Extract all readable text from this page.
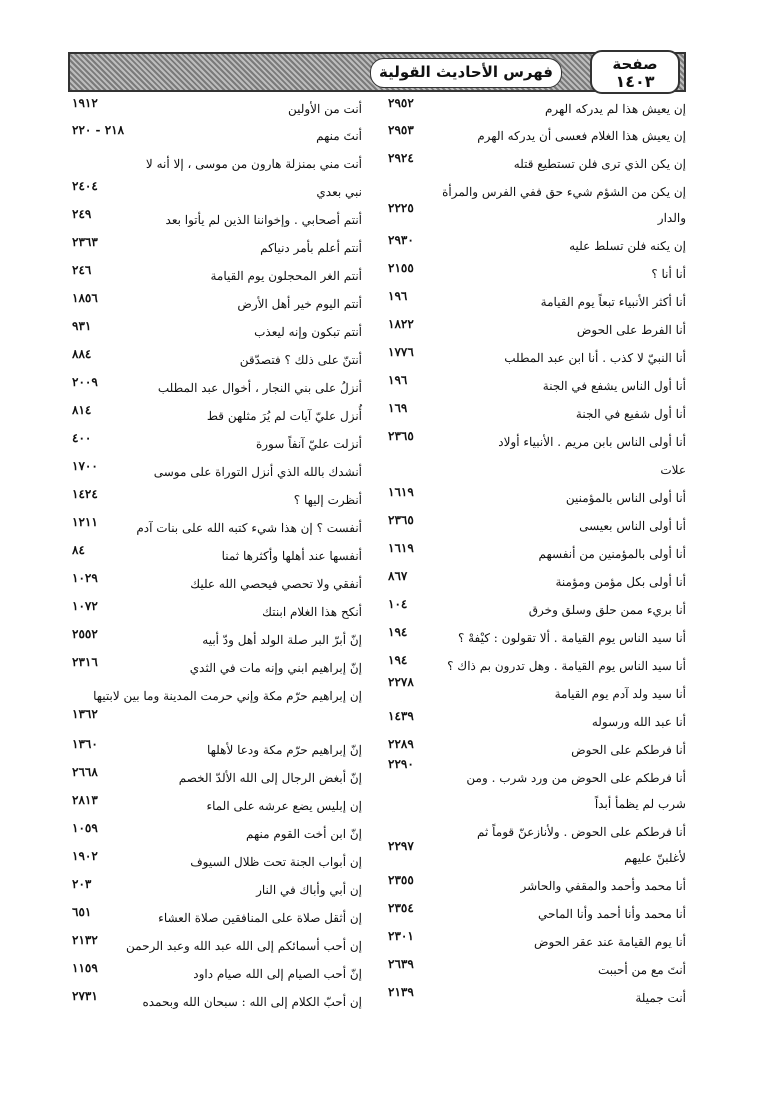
فهرس الأحاديث القولية	صفحة
١٤٠٣
إن يعيش هذا لم يدركه الهرم
٢٩٥٢
إن يعيش هذا الغلام فعسى أن يدركه الهرم
٢٩٥٣
إن يكن الذي ترى فلن تستطيع قتله
٢٩٢٤
إن يكن من الشؤم شيء حق ففي الفرس والمرأة
والدار
٢٢٢٥
إن يكنه فلن تسلط عليه
٢٩٣٠
أنا أنا ؟
٢١٥٥
أنا أكثر الأنبياء تبعاً يوم القيامة
١٩٦
أنا الفرط على الحوض
١٨٢٢
أنا النبيّ لا كذب . أنا ابن عبد المطلب
١٧٧٦
أنا أول الناس يشفع في الجنة
١٩٦
أنا أول شفيع في الجنة
١٦٩
أنا أولى الناس بابن مريم . الأنبياء أولاد
٢٣٦٥
علات
أنا أولى الناس بالمؤمنين
١٦١٩
أنا أولى الناس بعيسى
٢٣٦٥
أنا أولى بالمؤمنين من أنفسهم
١٦١٩
أنا أولى بكل مؤمن ومؤمنة
٨٦٧
أنا بريء ممن حلق وسلق وخرق
١٠٤
أنا سيد الناس يوم القيامة . ألا تقولون : كيْفهْ ؟
١٩٤
أنا سيد الناس يوم القيامة . وهل تدرون بم ذاك ؟
١٩٤
أنا سيد ولد آدم يوم القيامة
٢٢٧٨
أنا عبد الله ورسوله
١٤٣٩
أنا فرطكم على الحوض
٢٢٨٩
أنا فرطكم على الحوض من ورد شرب . ومن
٢٢٩٠
شرب لم يظمأ أبداً
أنا فرطكم على الحوض . ولأنازعنّ قوماً ثم
لأغلبنّ عليهم
٢٢٩٧
أنا محمد وأحمد والمقفي والحاشر
٢٣٥٥
أنا محمد وأنا أحمد وأنا الماحي
٢٣٥٤
أنا يوم القيامة عند عقر الحوض
٢٣٠١
أنتَ مع من أحببت
٢٦٣٩
أنت جميلة
٢١٣٩
أنت من الأولين
١٩١٢
أنتَ منهم
٢١٨ - ٢٢٠
أنت مني بمنزلة هارون من موسى ، إلا أنه لا
نبي بعدي
٢٤٠٤
أنتم أصحابي . وإخواننا الذين لم يأتوا بعد
٢٤٩
أنتم أعلم بأمر دنياكم
٢٣٦٣
أنتم الغر المحجلون يوم القيامة
٢٤٦
أنتم اليوم خير أهل الأرض
١٨٥٦
أنتم تبكون وإنه ليعذب
٩٣١
أنتنّ على ذلك ؟ فتصدّقن
٨٨٤
أنزلُ على بني النجار ، أخوال عبد المطلب
٢٠٠٩
أُنزل عليّ آيات لم يُرَ مثلهن قط
٨١٤
أنزلت عليّ آنفاً سورة
٤٠٠
أنشدك بالله الذي أنزل التوراة على موسى
١٧٠٠
أنظرت إليها ؟
١٤٢٤
أنفست ؟ إن هذا شيء كتبه الله على بنات آدم
١٢١١
أنفسها عند أهلها وأكثرها ثمنا
٨٤
أنفقي ولا تحصي فيحصي الله عليك
١٠٢٩
أنكح هذا الغلام ابنتك
١٠٧٢
إنّ أبرّ البر صلة الولد أهل ودّ أبيه
٢٥٥٢
إنّ إبراهيم ابني وإنه مات في الثدي
٢٣١٦
إن إبراهيم حرّم مكة وإني حرمت المدينة وما بين لابتيها
١٣٦٢
إنّ إبراهيم حرّم مكة ودعا لأهلها
١٣٦٠
إنّ أبغض الرجال إلى الله الألدّ الخصم
٢٦٦٨
إن إبليس يضع عرشه على الماء
٢٨١٣
إنّ ابن أخت القوم منهم
١٠٥٩
إن أبواب الجنة تحت ظلال السيوف
١٩٠٢
إن أبي وأباك في النار
٢٠٣
إن أثقل صلاة على المنافقين صلاة العشاء
٦٥١
إن أحب أسمائكم إلى الله عبد الله وعبد الرحمن
٢١٣٢
إنّ أحب الصيام إلى الله صيام داود
١١٥٩
إن أحبّ الكلام إلى الله : سبحان الله وبحمده
٢٧٣١
